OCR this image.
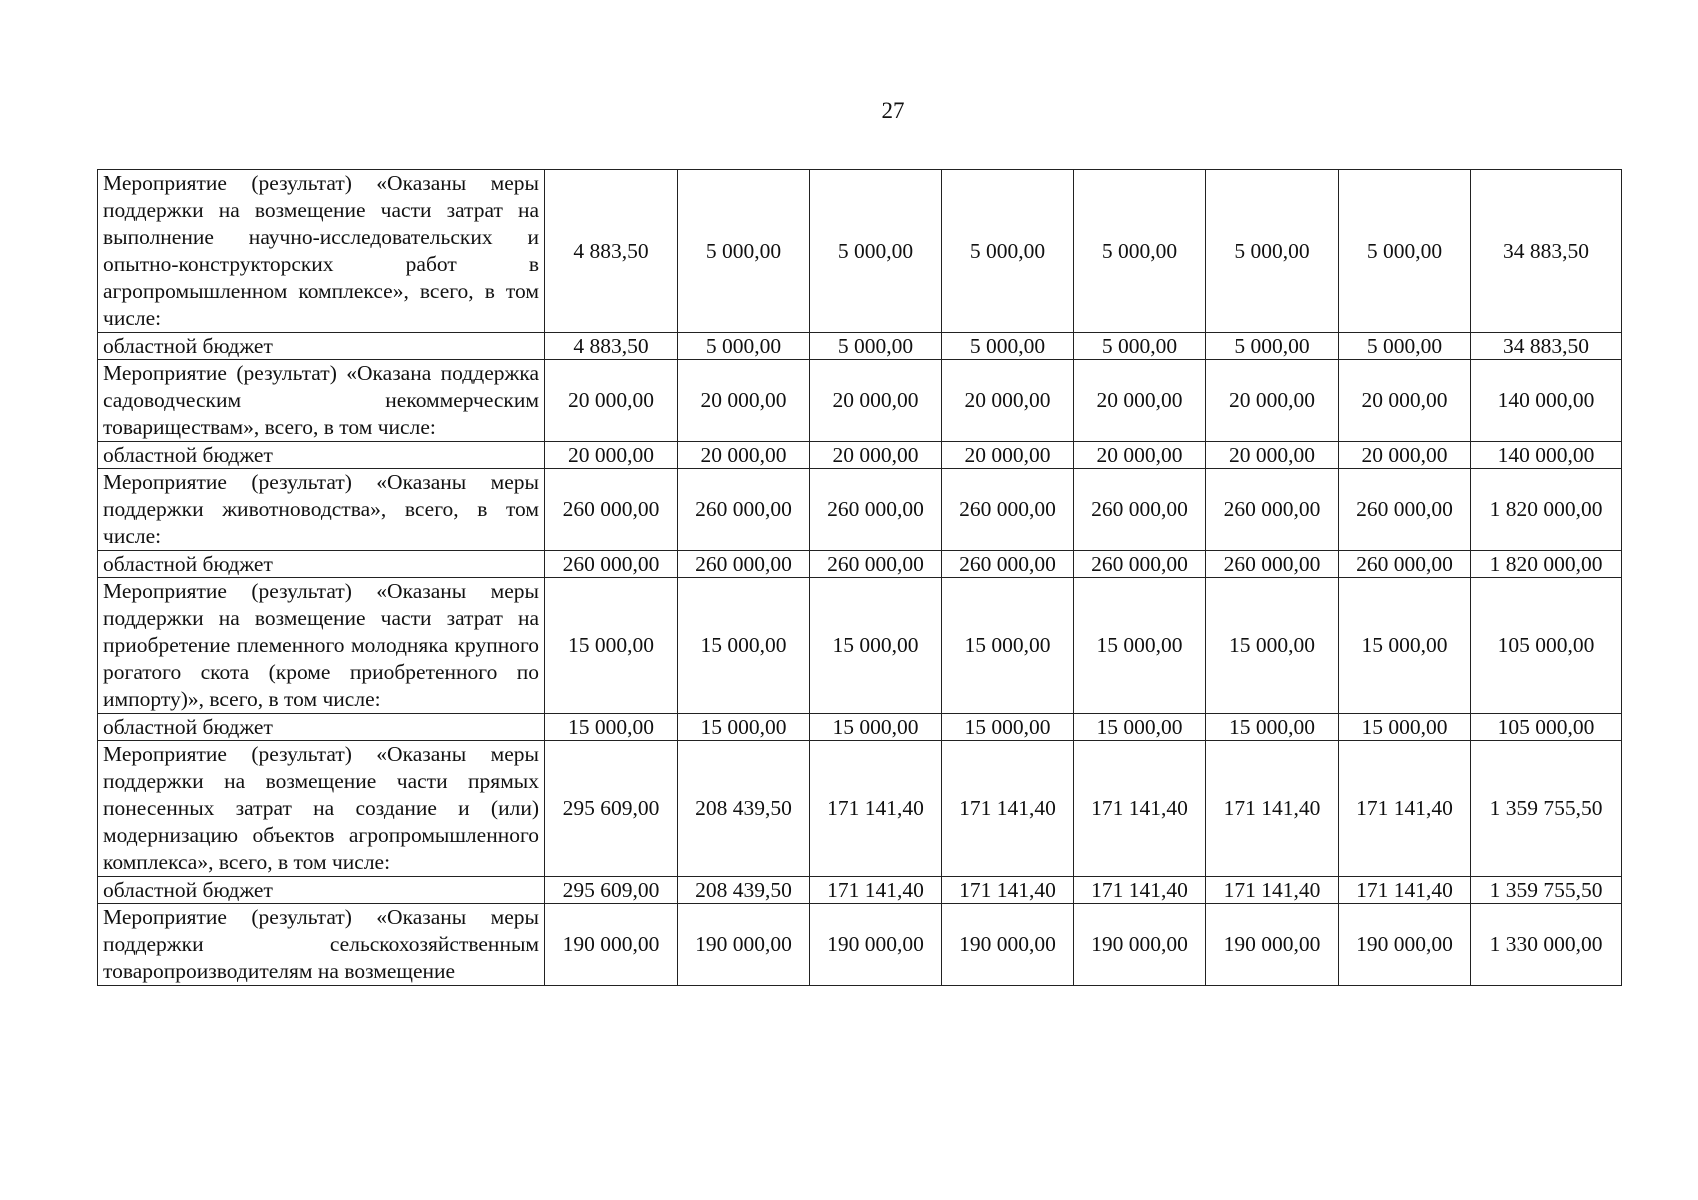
27
Мероприятие (результат) «Оказаны меры поддержки на возмещение части затрат на выполнение научно-исследовательских и опытно-конструкторских работ в агропромышленном комплексе», всего, в том числе:	4 883,50	5 000,00	5 000,00	5 000,00	5 000,00	5 000,00	5 000,00	34 883,50
областной бюджет	4 883,50	5 000,00	5 000,00	5 000,00	5 000,00	5 000,00	5 000,00	34 883,50
Мероприятие (результат) «Оказана поддержка садоводческим некоммерческим товариществам», всего, в том числе:	20 000,00	20 000,00	20 000,00	20 000,00	20 000,00	20 000,00	20 000,00	140 000,00
областной бюджет	20 000,00	20 000,00	20 000,00	20 000,00	20 000,00	20 000,00	20 000,00	140 000,00
Мероприятие (результат) «Оказаны меры поддержки животноводства», всего, в том числе:	260 000,00	260 000,00	260 000,00	260 000,00	260 000,00	260 000,00	260 000,00	1 820 000,00
областной бюджет	260 000,00	260 000,00	260 000,00	260 000,00	260 000,00	260 000,00	260 000,00	1 820 000,00
Мероприятие (результат) «Оказаны меры поддержки на возмещение части затрат на приобретение племенного молодняка крупного рогатого скота (кроме приобретенного по импорту)», всего, в том числе:	15 000,00	15 000,00	15 000,00	15 000,00	15 000,00	15 000,00	15 000,00	105 000,00
областной бюджет	15 000,00	15 000,00	15 000,00	15 000,00	15 000,00	15 000,00	15 000,00	105 000,00
Мероприятие (результат) «Оказаны меры поддержки на возмещение части прямых понесенных затрат на создание и (или) модернизацию объектов агропромышленного комплекса», всего, в том числе:	295 609,00	208 439,50	171 141,40	171 141,40	171 141,40	171 141,40	171 141,40	1 359 755,50
областной бюджет	295 609,00	208 439,50	171 141,40	171 141,40	171 141,40	171 141,40	171 141,40	1 359 755,50
Мероприятие (результат) «Оказаны меры поддержки сельскохозяйственным товаропроизводителям на возмещение	190 000,00	190 000,00	190 000,00	190 000,00	190 000,00	190 000,00	190 000,00	1 330 000,00
